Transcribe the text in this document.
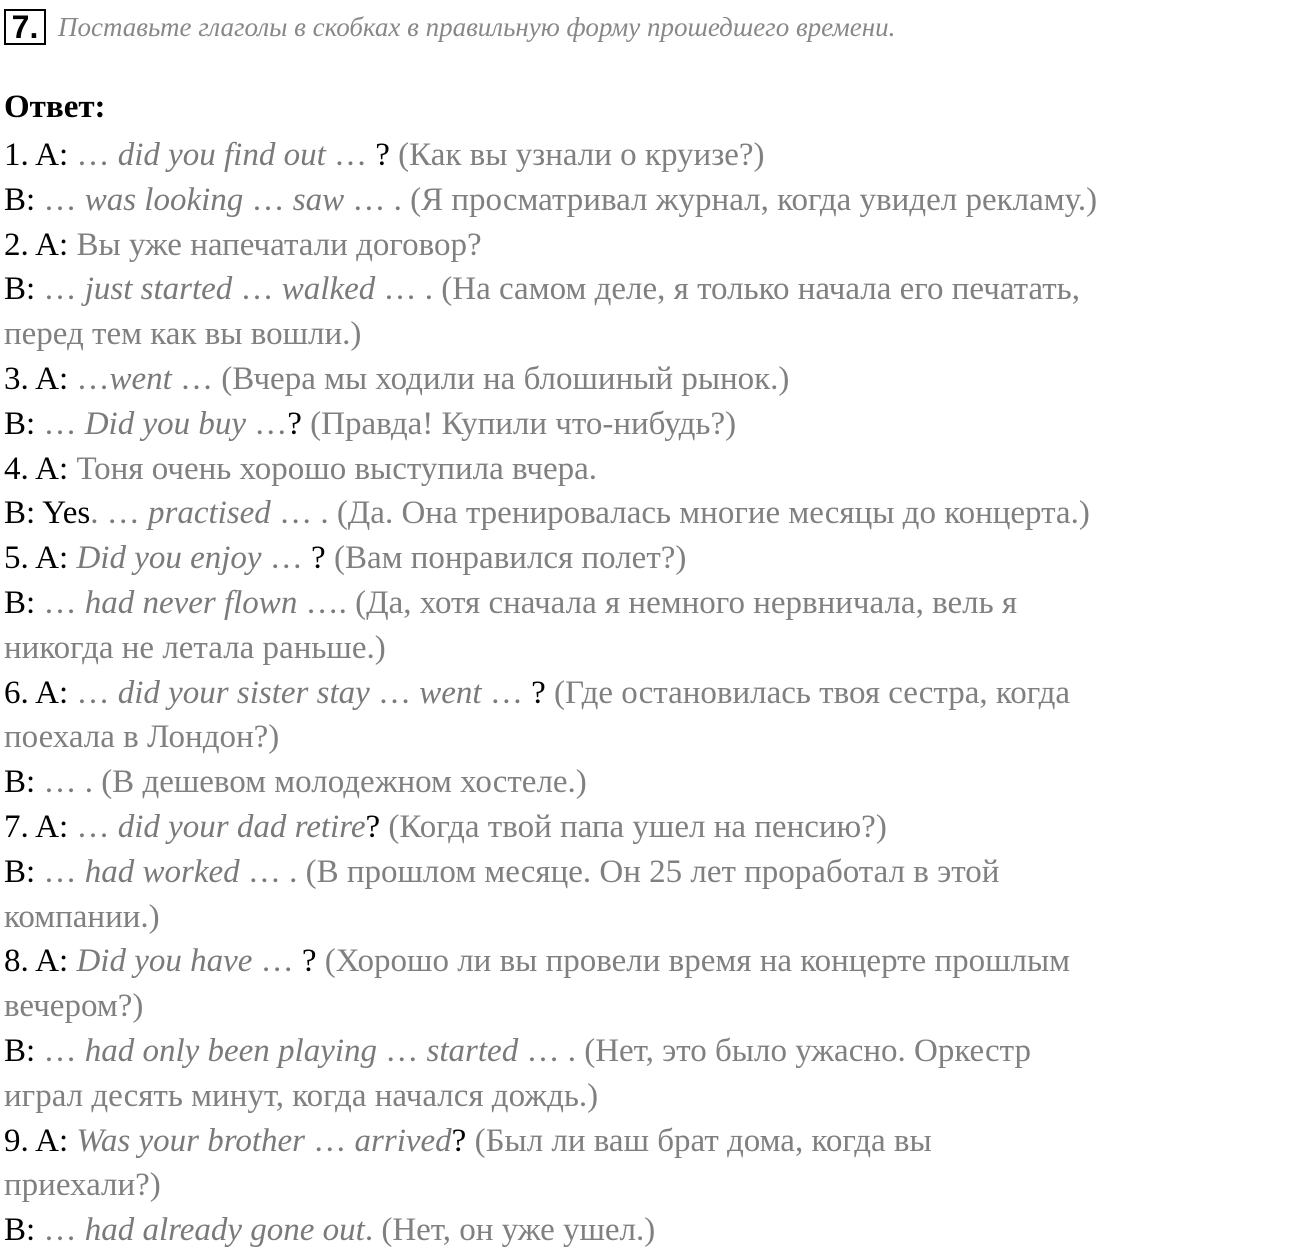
7. Поставьте глаголы в скобках в правильную форму прошедшего времени.
Ответ:
1. A: … did you find out … ? (Как вы узнали о круизе?)
B: … was looking … saw … . (Я просматривал журнал, когда увидел рекламу.)
2. A: Вы уже напечатали договор?
B: … just started … walked … . (На самом деле, я только начала его печатать,
перед тем как вы вошли.)
3. A: …went … (Вчера мы ходили на блошиный рынок.)
B: … Did you buy …? (Правда! Купили что-нибудь?)
4. A: Тоня очень хорошо выступила вчера.
B: Yes. … practised … . (Да. Она тренировалась многие месяцы до концерта.)
5. A: Did you enjoy … ? (Вам понравился полет?)
B: … had never flown …. (Да, хотя сначала я немного нервничала, вель я
никогда не летала раньше.)
6. A: … did your sister stay … went … ? (Где остановилась твоя сестра, когда
поехала в Лондон?)
B: … . (В дешевом молодежном хостеле.)
7. A: … did your dad retire? (Когда твой папа ушел на пенсию?)
B: … had worked … . (В прошлом месяце. Он 25 лет проработал в этой
компании.)
8. A: Did you have … ? (Хорошо ли вы провели время на концерте прошлым
вечером?)
B: … had only been playing … started … . (Нет, это было ужасно. Оркестр
играл десять минут, когда начался дождь.)
9. A: Was your brother … arrived? (Был ли ваш брат дома, когда вы
приехали?)
B: … had already gone out. (Нет, он уже ушел.)
